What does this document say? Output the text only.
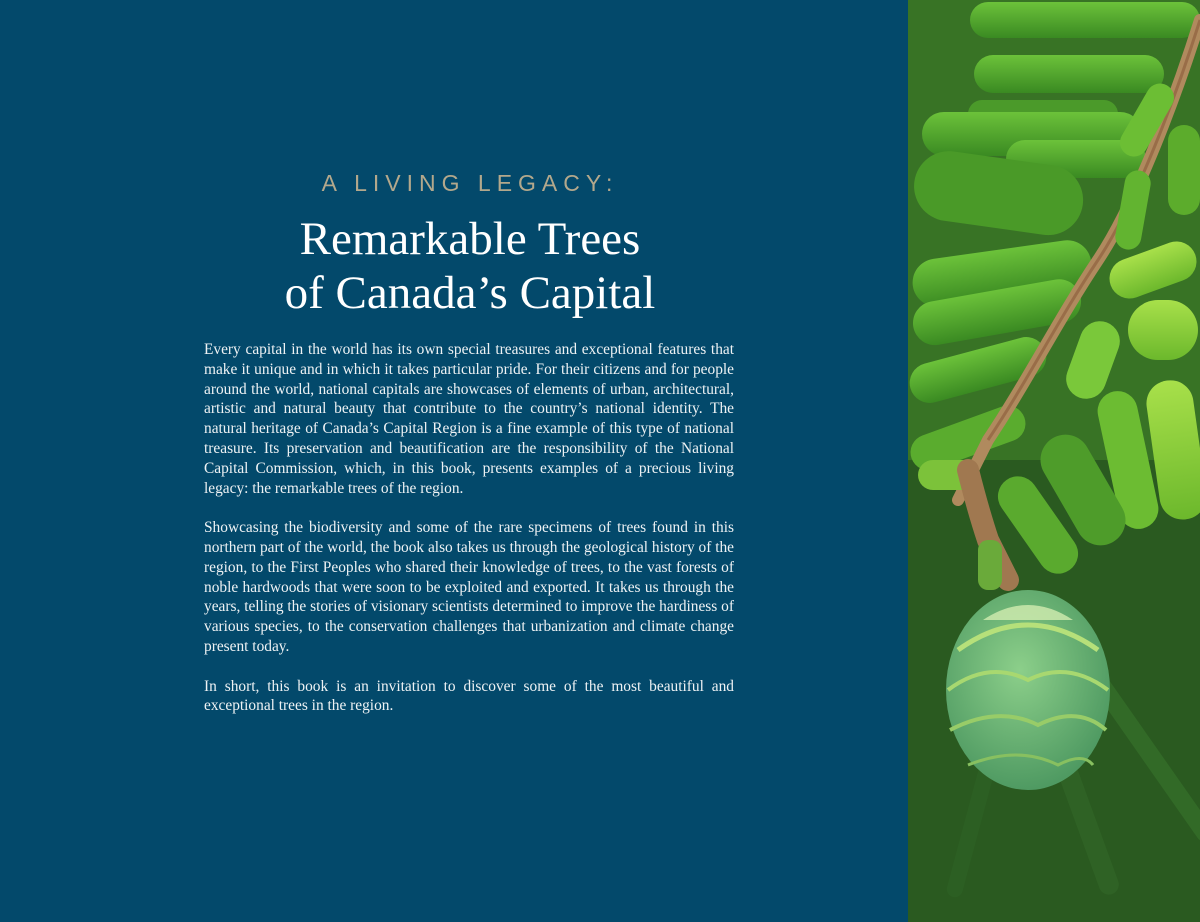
A LIVING LEGACY:
Remarkable Trees
of Canada’s Capital

Every capital in the world has its own special treasures and exceptional features that make it unique and in which it takes particular pride. For their citizens and for people around the world, national capitals are showcases of elements of urban, architectural, artistic and natural beauty that contribute to the country’s national identity. The natural heritage of Canada’s Capital Region is a fine example of this type of national treasure. Its preservation and beautification are the responsibility of the National Capital Commission, which, in this book, presents examples of a precious living legacy: the remarkable trees of the region.

Showcasing the biodiversity and some of the rare specimens of trees found in this northern part of the world, the book also takes us through the geological history of the region, to the First Peoples who shared their knowledge of trees, to the vast forests of noble hardwoods that were soon to be exploited and exported. It takes us through the years, telling the stories of visionary scientists determined to improve the hardiness of various species, to the conservation challenges that urbanization and climate change present today.

In short, this book is an invitation to discover some of the most beautiful and exceptional trees in the region.
